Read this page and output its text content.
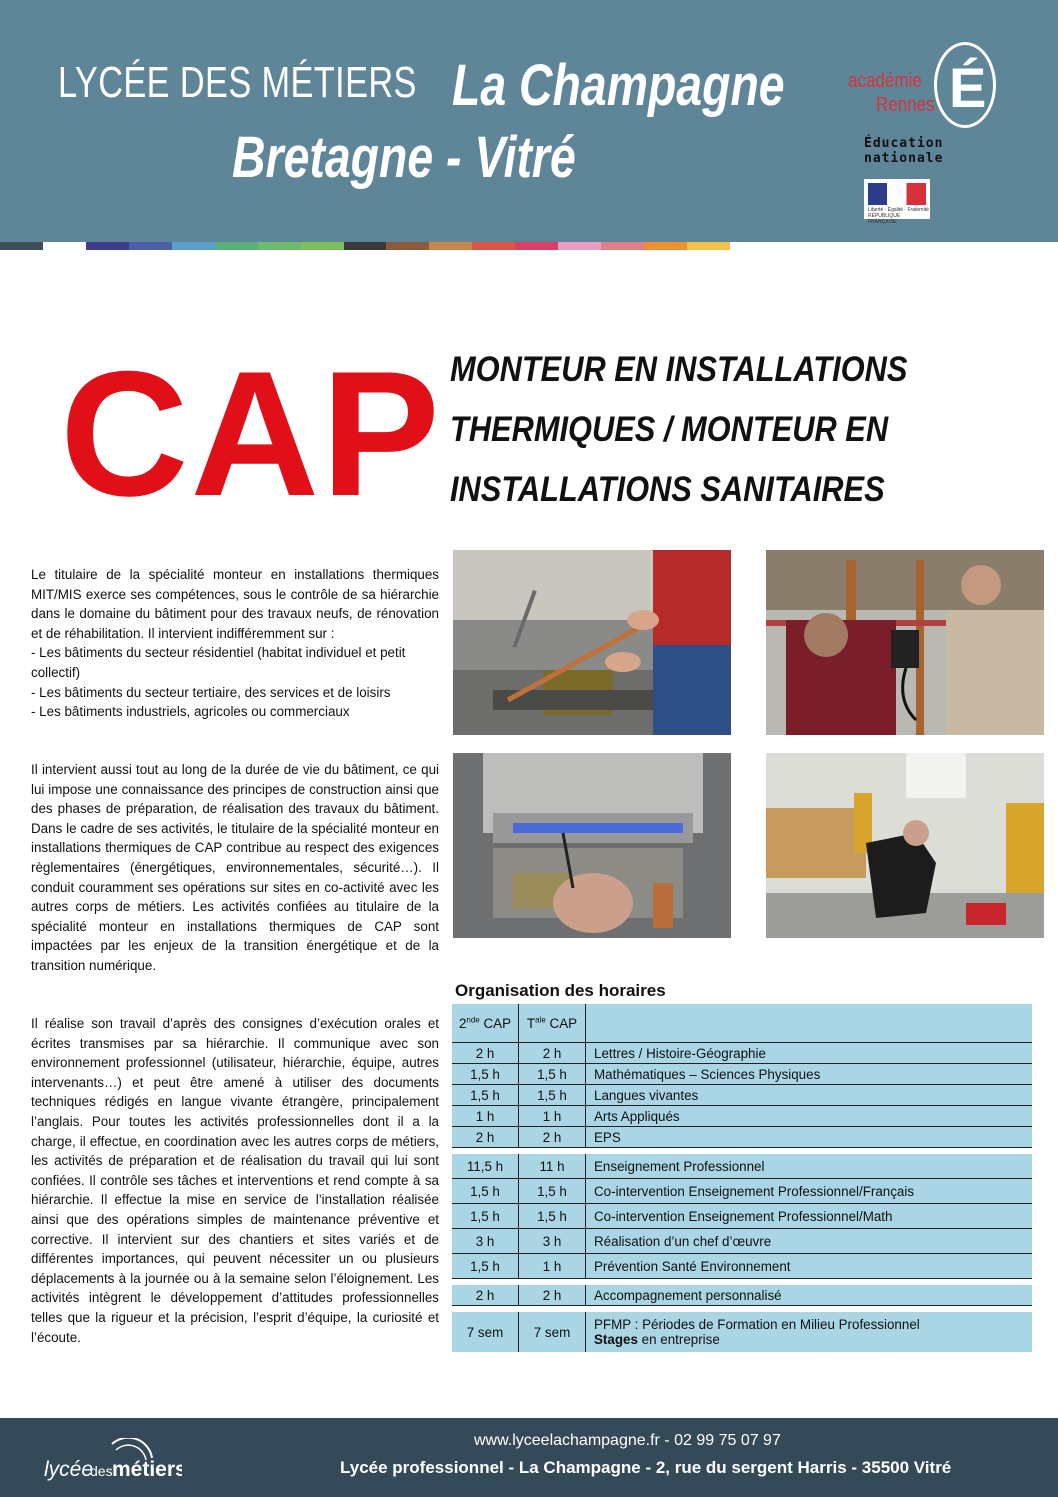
LYCÉE DES MÉTIERS La Champagne
Bretagne - Vitré
académie
Rennes É
Éducation
nationale
Liberté · Égalité · Fraternité
RÉPUBLIQUE FRANÇAISE
CAP MONTEUR EN INSTALLATIONS
THERMIQUES / MONTEUR EN
INSTALLATIONS SANITAIRES
Le titulaire de la spécialité monteur en installations thermiques MIT/MIS exerce ses compétences, sous le contrôle de sa hiérarchie dans le domaine du bâtiment pour des travaux neufs, de rénovation et de réhabilitation. Il intervient indifféremment sur :
- Les bâtiments du secteur résidentiel (habitat individuel et petit collectif)
- Les bâtiments du secteur tertiaire, des services et de loisirs
- Les bâtiments industriels, agricoles ou commerciaux
Il intervient aussi tout au long de la durée de vie du bâtiment, ce qui lui impose une connaissance des principes de construction ainsi que des phases de préparation, de réalisation des travaux du bâtiment. Dans le cadre de ses activités, le titulaire de la spécialité monteur en installations thermiques de CAP contribue au respect des exigences règlementaires (énergétiques, environnementales, sécurité…). Il conduit couramment ses opérations sur sites en co-activité avec les autres corps de métiers. Les activités confiées au titulaire de la spécialité monteur en installations thermiques de CAP sont impactées par les enjeux de la transition énergétique et de la transition numérique.
Il réalise son travail d’après des consignes d’exécution orales et écrites transmises par sa hiérarchie. Il communique avec son environnement professionnel (utilisateur, hiérarchie, équipe, autres intervenants…) et peut être amené à utiliser des documents techniques rédigés en langue vivante étrangère, principalement l’anglais. Pour toutes les activités professionnelles dont il a la charge, il effectue, en coordination avec les autres corps de métiers, les activités de préparation et de réalisation du travail qui lui sont confiées. Il contrôle ses tâches et interventions et rend compte à sa hiérarchie. Il effectue la mise en service de l’installation réalisée ainsi que des opérations simples de maintenance préventive et corrective. Il intervient sur des chantiers et sites variés et de différentes importances, qui peuvent nécessiter un ou plusieurs déplacements à la journée ou à la semaine selon l’éloignement. Les activités intègrent le développement d’attitudes professionnelles telles que la rigueur et la précision, l’esprit d’équipe, la curiosité et l’écoute.
Organisation des horaires
2nde CAP	$T^{ale}$ CAP	
2 h	2 h	Lettres / Histoire-Géographie
1,5 h	1,5 h	Mathématiques – Sciences Physiques
1,5 h	1,5 h	Langues vivantes
1 h	1 h	Arts Appliqués
2 h	2 h	EPS

11,5 h	11 h	Enseignement Professionnel
1,5 h	1,5 h	Co-intervention Enseignement Professionnel/Français
1,5 h	1,5 h	Co-intervention Enseignement Professionnel/Math
3 h	3 h	Réalisation d’un chef d’œuvre
1,5 h	1 h	Prévention Santé Environnement

2 h	2 h	Accompagnement personnalisé

7 sem	7 sem	PFMP : Périodes de Formation en Milieu Professionnel
Stages en entreprise
lycée
des métiers
www.lyceelachampagne.fr - 02 99 75 07 97
Lycée professionnel - La Champagne - 2, rue du sergent Harris - 35500 Vitré
